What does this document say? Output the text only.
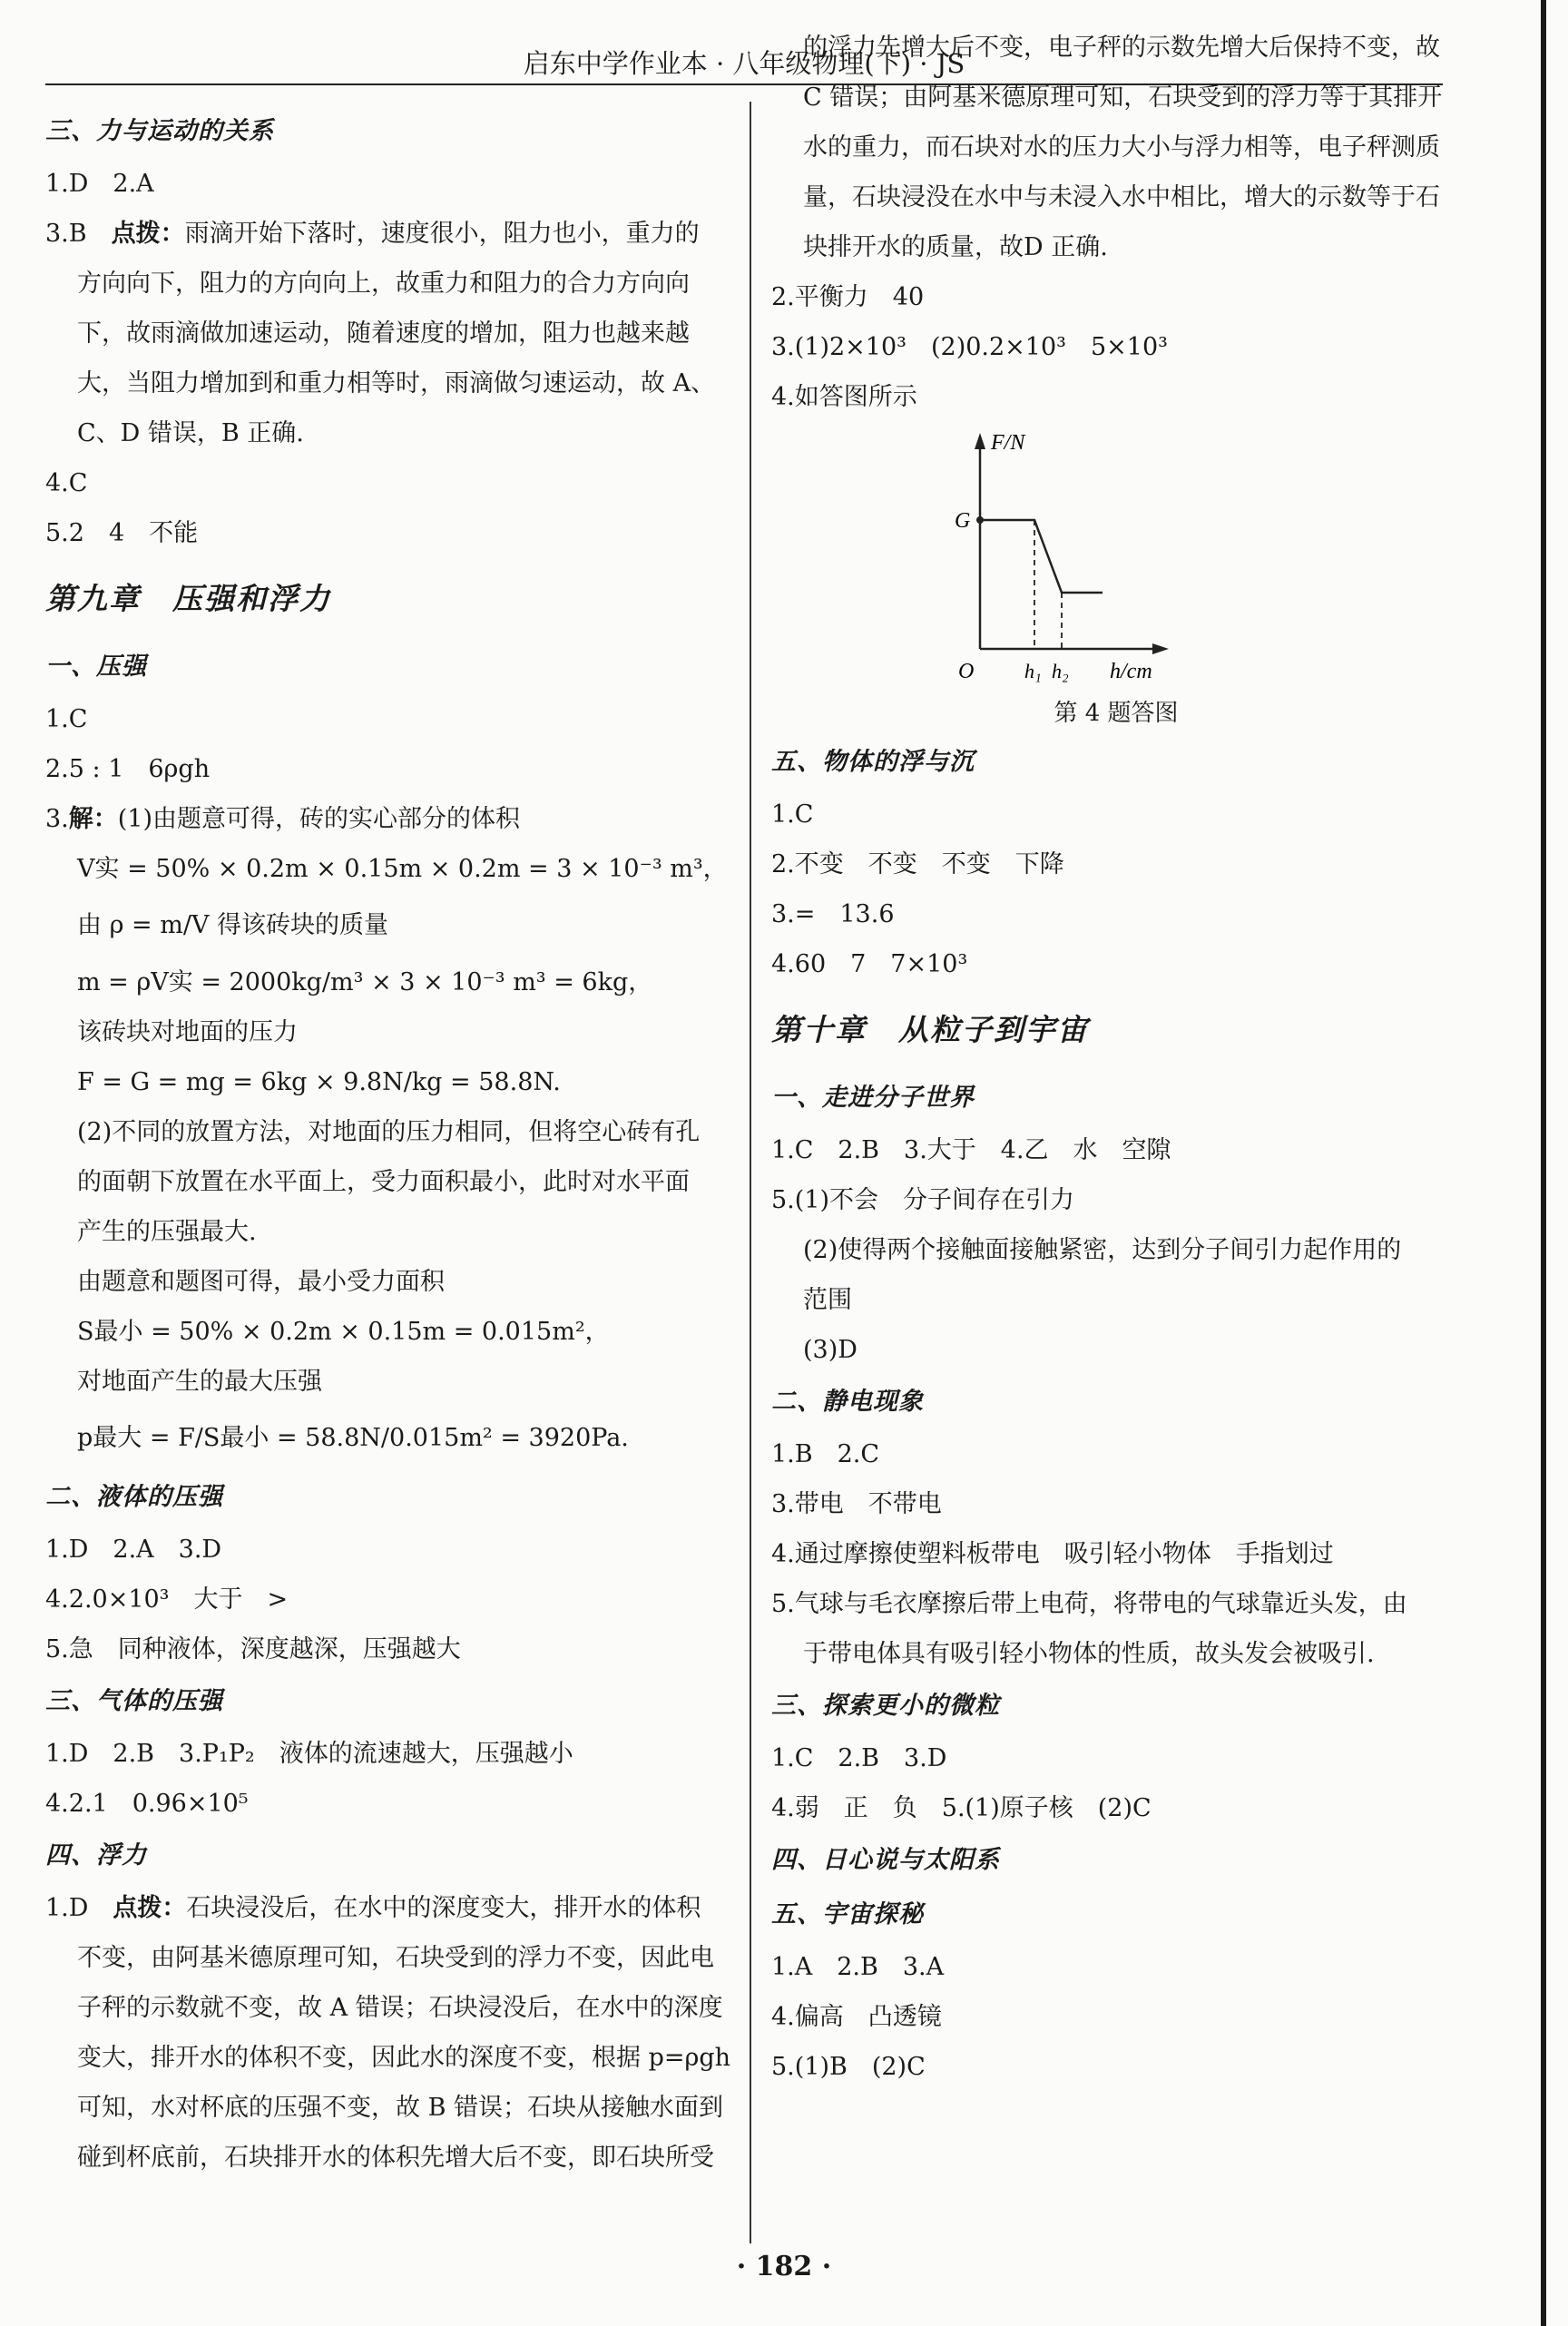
启东中学作业本 · 八年级物理(下) · JS
三、力与运动的关系
1.D　2.A
3.B　点拨：雨滴开始下落时，速度很小，阻力也小，重力的
方向向下，阻力的方向向上，故重力和阻力的合力方向向
下，故雨滴做加速运动，随着速度的增加，阻力也越来越
大，当阻力增加到和重力相等时，雨滴做匀速运动，故 A、
C、D 错误，B 正确.
4.C
5.2　4　不能
第九章　压强和浮力
一、压强
1.C
2.5 : 1　6ρgh
3.解：(1)由题意可得，砖的实心部分的体积
V实 = 50% × 0.2m × 0.15m × 0.2m = 3 × 10⁻³ m³，
由 ρ = m/V 得该砖块的质量
m = ρV实 = 2000kg/m³ × 3 × 10⁻³ m³ = 6kg，
该砖块对地面的压力
F = G = mg = 6kg × 9.8N/kg = 58.8N.
(2)不同的放置方法，对地面的压力相同，但将空心砖有孔
的面朝下放置在水平面上，受力面积最小，此时对水平面
产生的压强最大.
由题意和题图可得，最小受力面积
S最小 = 50% × 0.2m × 0.15m = 0.015m²，
对地面产生的最大压强
p最大 = F/S最小 = 58.8N/0.015m² = 3920Pa.
二、液体的压强
1.D　2.A　3.D
4.2.0×10³　大于　>
5.急　同种液体，深度越深，压强越大
三、气体的压强
1.D　2.B　3.P₁P₂　液体的流速越大，压强越小
4.2.1　0.96×10⁵
四、浮力
1.D　点拨：石块浸没后，在水中的深度变大，排开水的体积
不变，由阿基米德原理可知，石块受到的浮力不变，因此电
子秤的示数就不变，故 A 错误；石块浸没后，在水中的深度
变大，排开水的体积不变，因此水的深度不变，根据 p=ρgh
可知，水对杯底的压强不变，故 B 错误；石块从接触水面到
碰到杯底前，石块排开水的体积先增大后不变，即石块所受
的浮力先增大后不变，电子秤的示数先增大后保持不变，故
C 错误；由阿基米德原理可知，石块受到的浮力等于其排开
水的重力，而石块对水的压力大小与浮力相等，电子秤测质
量，石块浸没在水中与未浸入水中相比，增大的示数等于石
块排开水的质量，故D 正确.
2.平衡力　40
3.(1)2×10³　(2)0.2×10³　5×10³
4.如答图所示
F/N
G
O	h₁ h₂ h/cm
第 4 题答图
五、物体的浮与沉
1.C
2.不变　不变　不变　下降
3.=　13.6
4.60　7　7×10³
第十章　从粒子到宇宙
一、走进分子世界
1.C　2.B　3.大于　4.乙　水　空隙
5.(1)不会　分子间存在引力
(2)使得两个接触面接触紧密，达到分子间引力起作用的
范围
(3)D
二、静电现象
1.B　2.C
3.带电　不带电
4.通过摩擦使塑料板带电　吸引轻小物体　手指划过
5.气球与毛衣摩擦后带上电荷，将带电的气球靠近头发，由
于带电体具有吸引轻小物体的性质，故头发会被吸引.
三、探索更小的微粒
1.C　2.B　3.D
4.弱　正　负　5.(1)原子核　(2)C
四、日心说与太阳系
五、宇宙探秘
1.A　2.B　3.A
4.偏高　凸透镜
5.(1)B　(2)C
· 182 ·
